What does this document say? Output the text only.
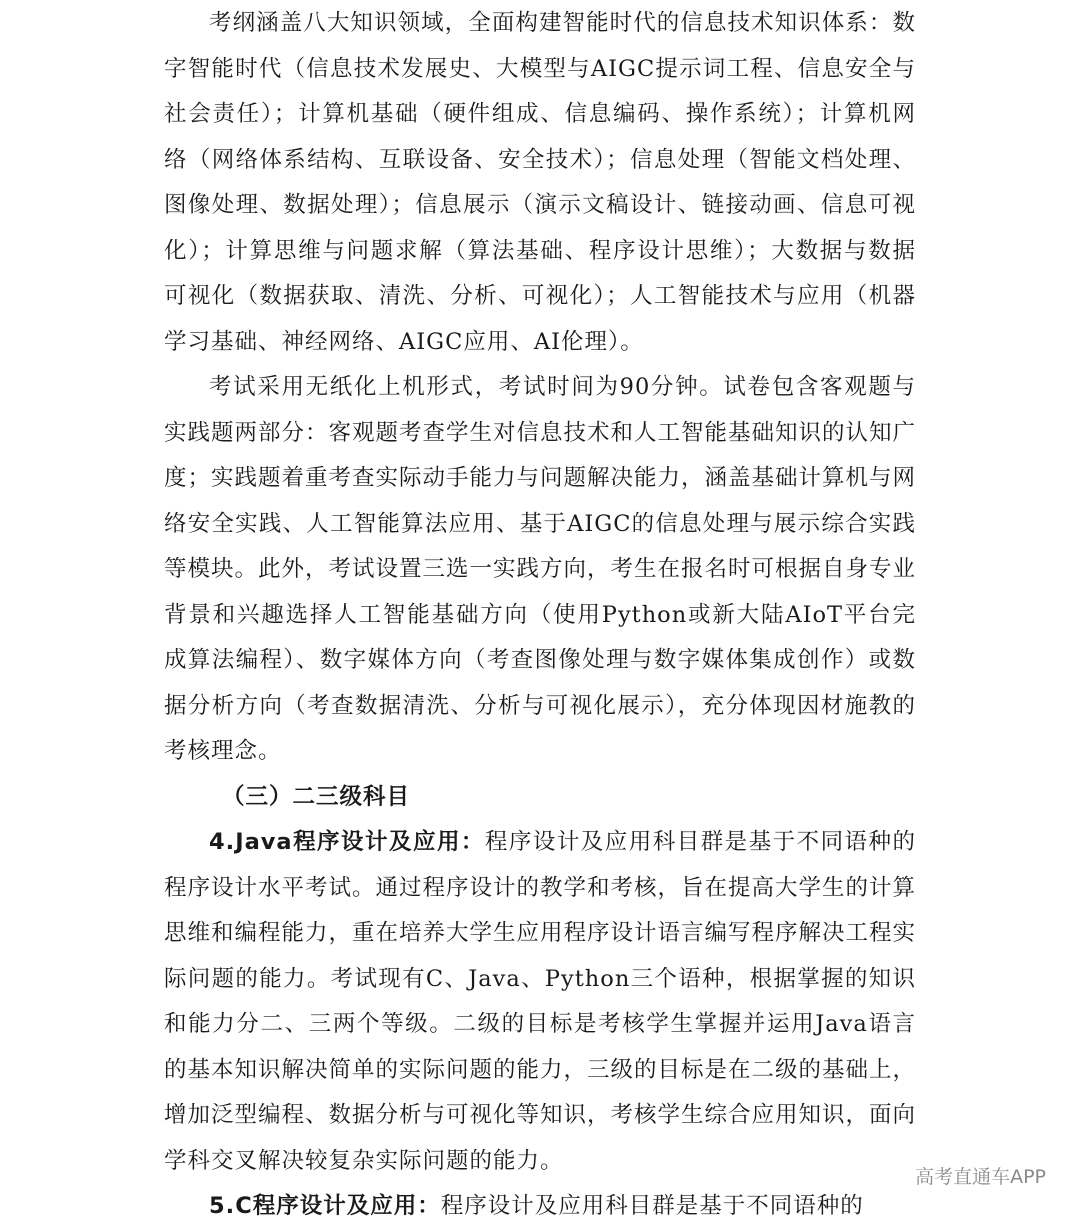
考纲涵盖八大知识领域，全面构建智能时代的信息技术知识体系：数字智能时代（信息技术发展史、大模型与AIGC提示词工程、信息安全与社会责任）；计算机基础（硬件组成、信息编码、操作系统）；计算机网络（网络体系结构、互联设备、安全技术）；信息处理（智能文档处理、图像处理、数据处理）；信息展示（演示文稿设计、链接动画、信息可视化）；计算思维与问题求解（算法基础、程序设计思维）；大数据与数据可视化（数据获取、清洗、分析、可视化）；人工智能技术与应用（机器学习基础、神经网络、AIGC应用、AI伦理）。

考试采用无纸化上机形式，考试时间为90分钟。试卷包含客观题与实践题两部分：客观题考查学生对信息技术和人工智能基础知识的认知广度；实践题着重考查实际动手能力与问题解决能力，涵盖基础计算机与网络安全实践、人工智能算法应用、基于AIGC的信息处理与展示综合实践等模块。此外，考试设置三选一实践方向，考生在报名时可根据自身专业背景和兴趣选择人工智能基础方向（使用Python或新大陆AIoT平台完成算法编程）、数字媒体方向（考查图像处理与数字媒体集成创作）或数据分析方向（考查数据清洗、分析与可视化展示），充分体现因材施教的考核理念。

（三）二三级科目

4.Java程序设计及应用：程序设计及应用科目群是基于不同语种的程序设计水平考试。通过程序设计的教学和考核，旨在提高大学生的计算思维和编程能力，重在培养大学生应用程序设计语言编写程序解决工程实际问题的能力。考试现有C、Java、Python三个语种，根据掌握的知识和能力分二、三两个等级。二级的目标是考核学生掌握并运用Java语言的基本知识解决简单的实际问题的能力，三级的目标是在二级的基础上，增加泛型编程、数据分析与可视化等知识，考核学生综合应用知识，面向学科交叉解决较复杂实际问题的能力。

5.C程序设计及应用：程序设计及应用科目群是基于不同语种的

高考直通车APP
